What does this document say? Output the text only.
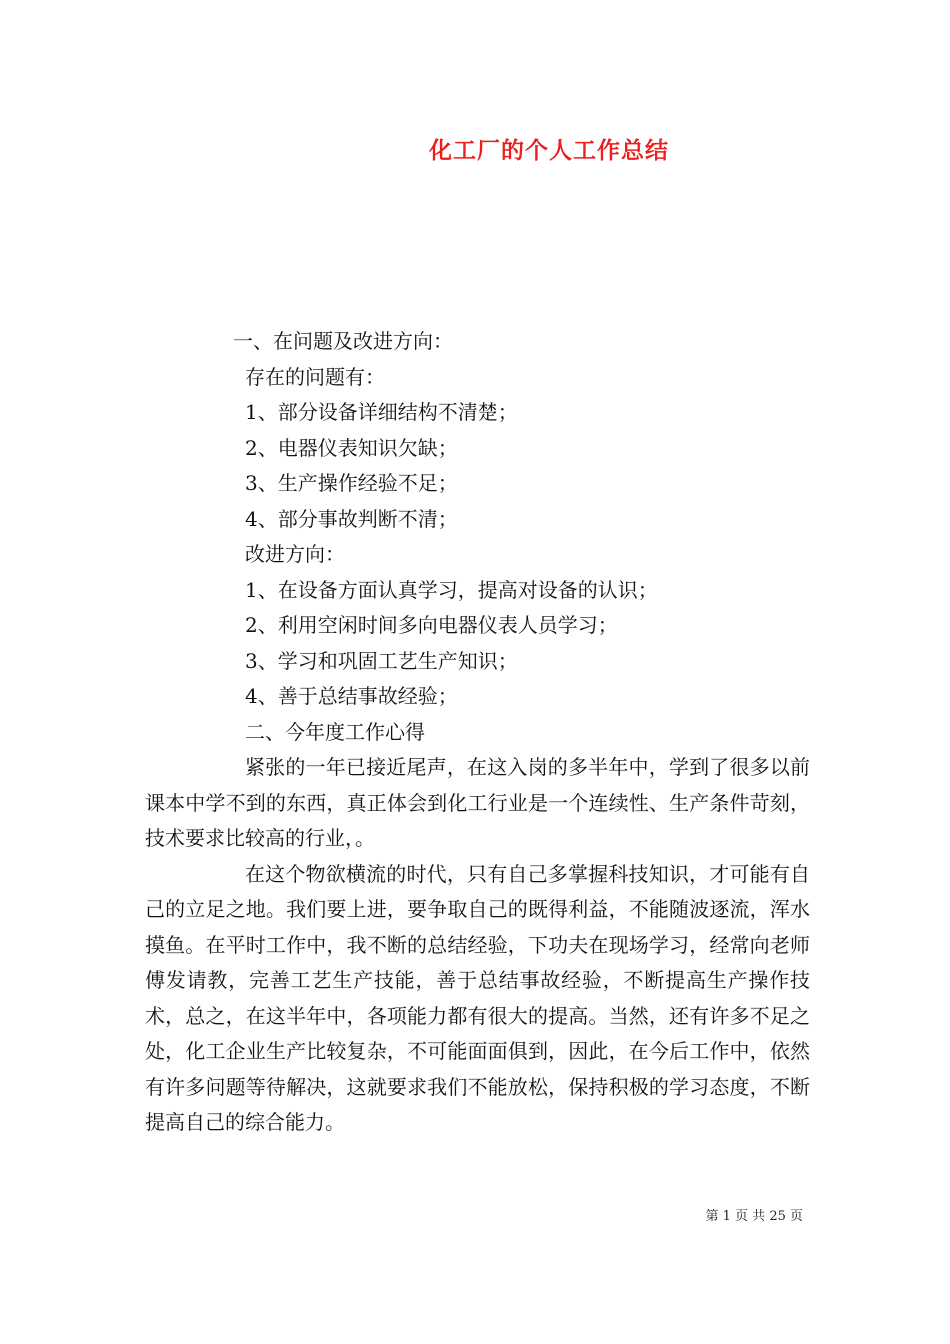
化工厂的个人工作总结
一、在问题及改进方向：
存在的问题有：
1、部分设备详细结构不清楚；
2、电器仪表知识欠缺；
3、生产操作经验不足；
4、部分事故判断不清；
改进方向：
1、在设备方面认真学习，提高对设备的认识；
2、利用空闲时间多向电器仪表人员学习；
3、学习和巩固工艺生产知识；
4、善于总结事故经验；
二、今年度工作心得
紧张的一年已接近尾声，在这入岗的多半年中，学到了很多以前课本中学不到的东西，真正体会到化工行业是一个连续性、生产条件苛刻，技术要求比较高的行业，。
在这个物欲横流的时代，只有自己多掌握科技知识，才可能有自己的立足之地。我们要上进，要争取自己的既得利益，不能随波逐流，浑水摸鱼。在平时工作中，我不断的总结经验，下功夫在现场学习，经常向老师傅发请教，完善工艺生产技能，善于总结事故经验，不断提高生产操作技术，总之，在这半年中，各项能力都有很大的提高。当然，还有许多不足之处，化工企业生产比较复杂，不可能面面俱到，因此，在今后工作中，依然有许多问题等待解决，这就要求我们不能放松，保持积极的学习态度，不断提高自己的综合能力。
第 1 页 共 25 页
